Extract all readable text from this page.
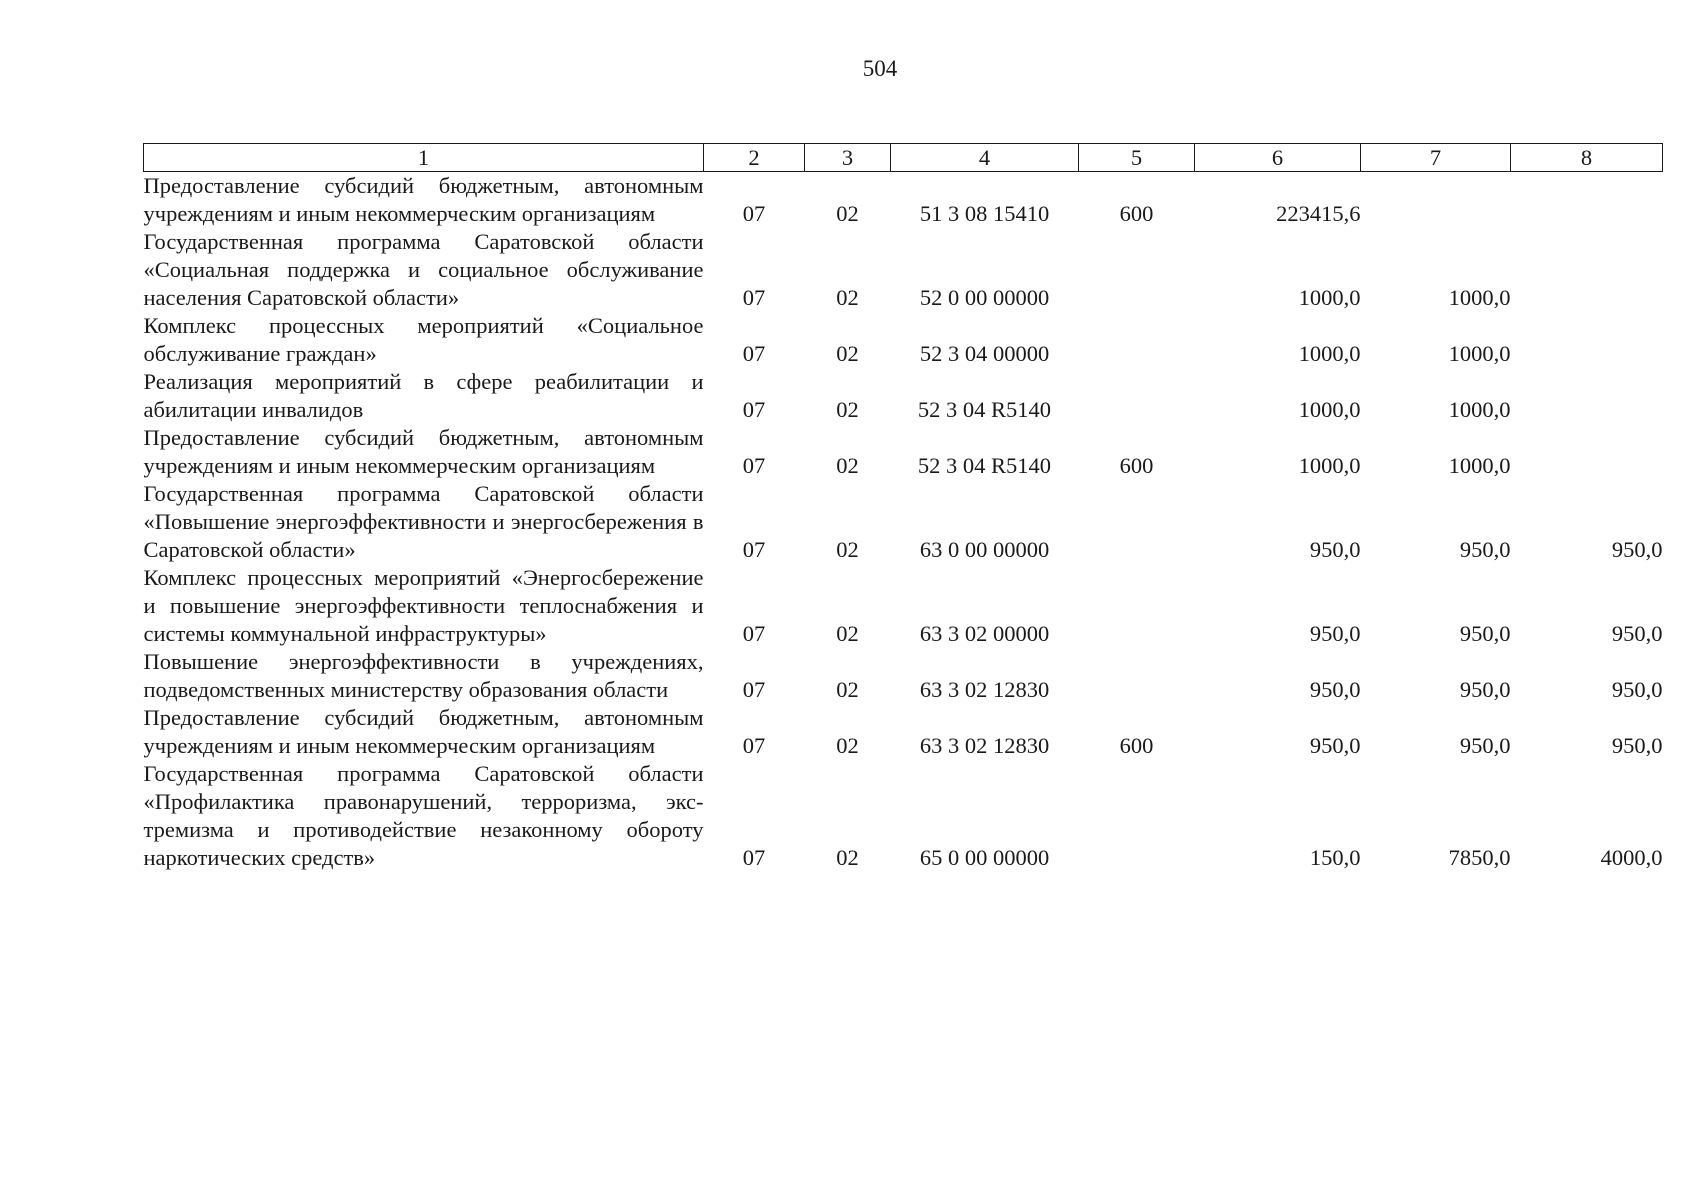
504
1	2	3	4	5	6	7	8
Предоставление субсидий бюджетным, автономным учреждениям и иным некоммерческим организациям	07	02	51 3 08 15410	600	223415,6		
Государственная программа Саратовской области «Социальная поддержка и социальное обслуживание населения Саратовской области»	07	02	52 0 00 00000		1000,0	1000,0	
Комплекс процессных мероприятий «Социальное обслуживание граждан»	07	02	52 3 04 00000		1000,0	1000,0	
Реализация мероприятий в сфере реабилитации и абилитации инвалидов	07	02	52 3 04 R5140		1000,0	1000,0	
Предоставление субсидий бюджетным, автономным учреждениям и иным некоммерческим организациям	07	02	52 3 04 R5140	600	1000,0	1000,0	
Государственная программа Саратовской области «Повышение энергоэффективности и энергосбережения в Саратовской области»	07	02	63 0 00 00000		950,0	950,0	950,0
Комплекс процессных мероприятий «Энергосбережение и повышение энергоэффективности теплоснабжения и системы коммунальной инфраструктуры»	07	02	63 3 02 00000		950,0	950,0	950,0
Повышение энергоэффективности в учреждениях, подведомственных министерству образования области	07	02	63 3 02 12830		950,0	950,0	950,0
Предоставление субсидий бюджетным, автономным учреждениям и иным некоммерческим организациям	07	02	63 3 02 12830	600	950,0	950,0	950,0
Государственная программа Саратовской области «Профилактика правонарушений, терроризма, экстремизма и противодействие незаконному обороту наркотических средств»	07	02	65 0 00 00000		150,0	7850,0	4000,0
